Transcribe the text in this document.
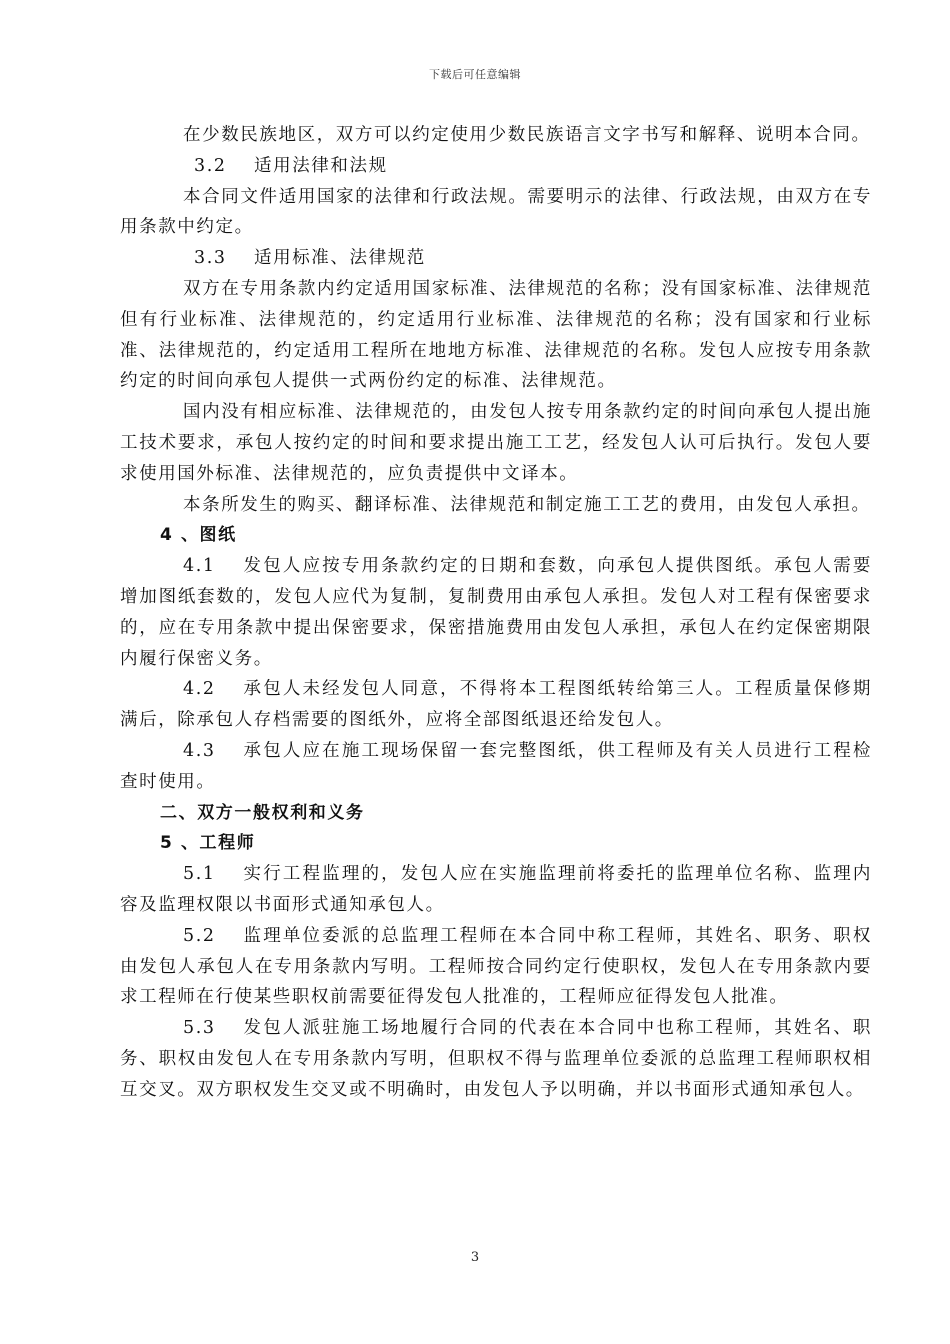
下载后可任意编辑

在少数民族地区，双方可以约定使用少数民族语言文字书写和解释、说明本合同。

3.2 适用法律和法规

本合同文件适用国家的法律和行政法规。需要明示的法律、行政法规，由双方在专用条款中约定。

3.3 适用标准、法律规范

双方在专用条款内约定适用国家标准、法律规范的名称；没有国家标准、法律规范但有行业标准、法律规范的，约定适用行业标准、法律规范的名称；没有国家和行业标准、法律规范的，约定适用工程所在地地方标准、法律规范的名称。发包人应按专用条款约定的时间向承包人提供一式两份约定的标准、法律规范。

国内没有相应标准、法律规范的，由发包人按专用条款约定的时间向承包人提出施工技术要求，承包人按约定的时间和要求提出施工工艺，经发包人认可后执行。发包人要求使用国外标准、法律规范的，应负责提供中文译本。

本条所发生的购买、翻译标准、法律规范和制定施工工艺的费用，由发包人承担。

4 、图纸

4.1 发包人应按专用条款约定的日期和套数，向承包人提供图纸。承包人需要增加图纸套数的，发包人应代为复制，复制费用由承包人承担。发包人对工程有保密要求的，应在专用条款中提出保密要求，保密措施费用由发包人承担，承包人在约定保密期限内履行保密义务。

4.2 承包人未经发包人同意，不得将本工程图纸转给第三人。工程质量保修期满后，除承包人存档需要的图纸外，应将全部图纸退还给发包人。

4.3 承包人应在施工现场保留一套完整图纸，供工程师及有关人员进行工程检查时使用。

二、双方一般权利和义务

5 、工程师

5.1 实行工程监理的，发包人应在实施监理前将委托的监理单位名称、监理内容及监理权限以书面形式通知承包人。

5.2 监理单位委派的总监理工程师在本合同中称工程师，其姓名、职务、职权由发包人承包人在专用条款内写明。工程师按合同约定行使职权，发包人在专用条款内要求工程师在行使某些职权前需要征得发包人批准的，工程师应征得发包人批准。

5.3 发包人派驻施工场地履行合同的代表在本合同中也称工程师，其姓名、职务、职权由发包人在专用条款内写明，但职权不得与监理单位委派的总监理工程师职权相互交叉。双方职权发生交叉或不明确时，由发包人予以明确，并以书面形式通知承包人。

3
